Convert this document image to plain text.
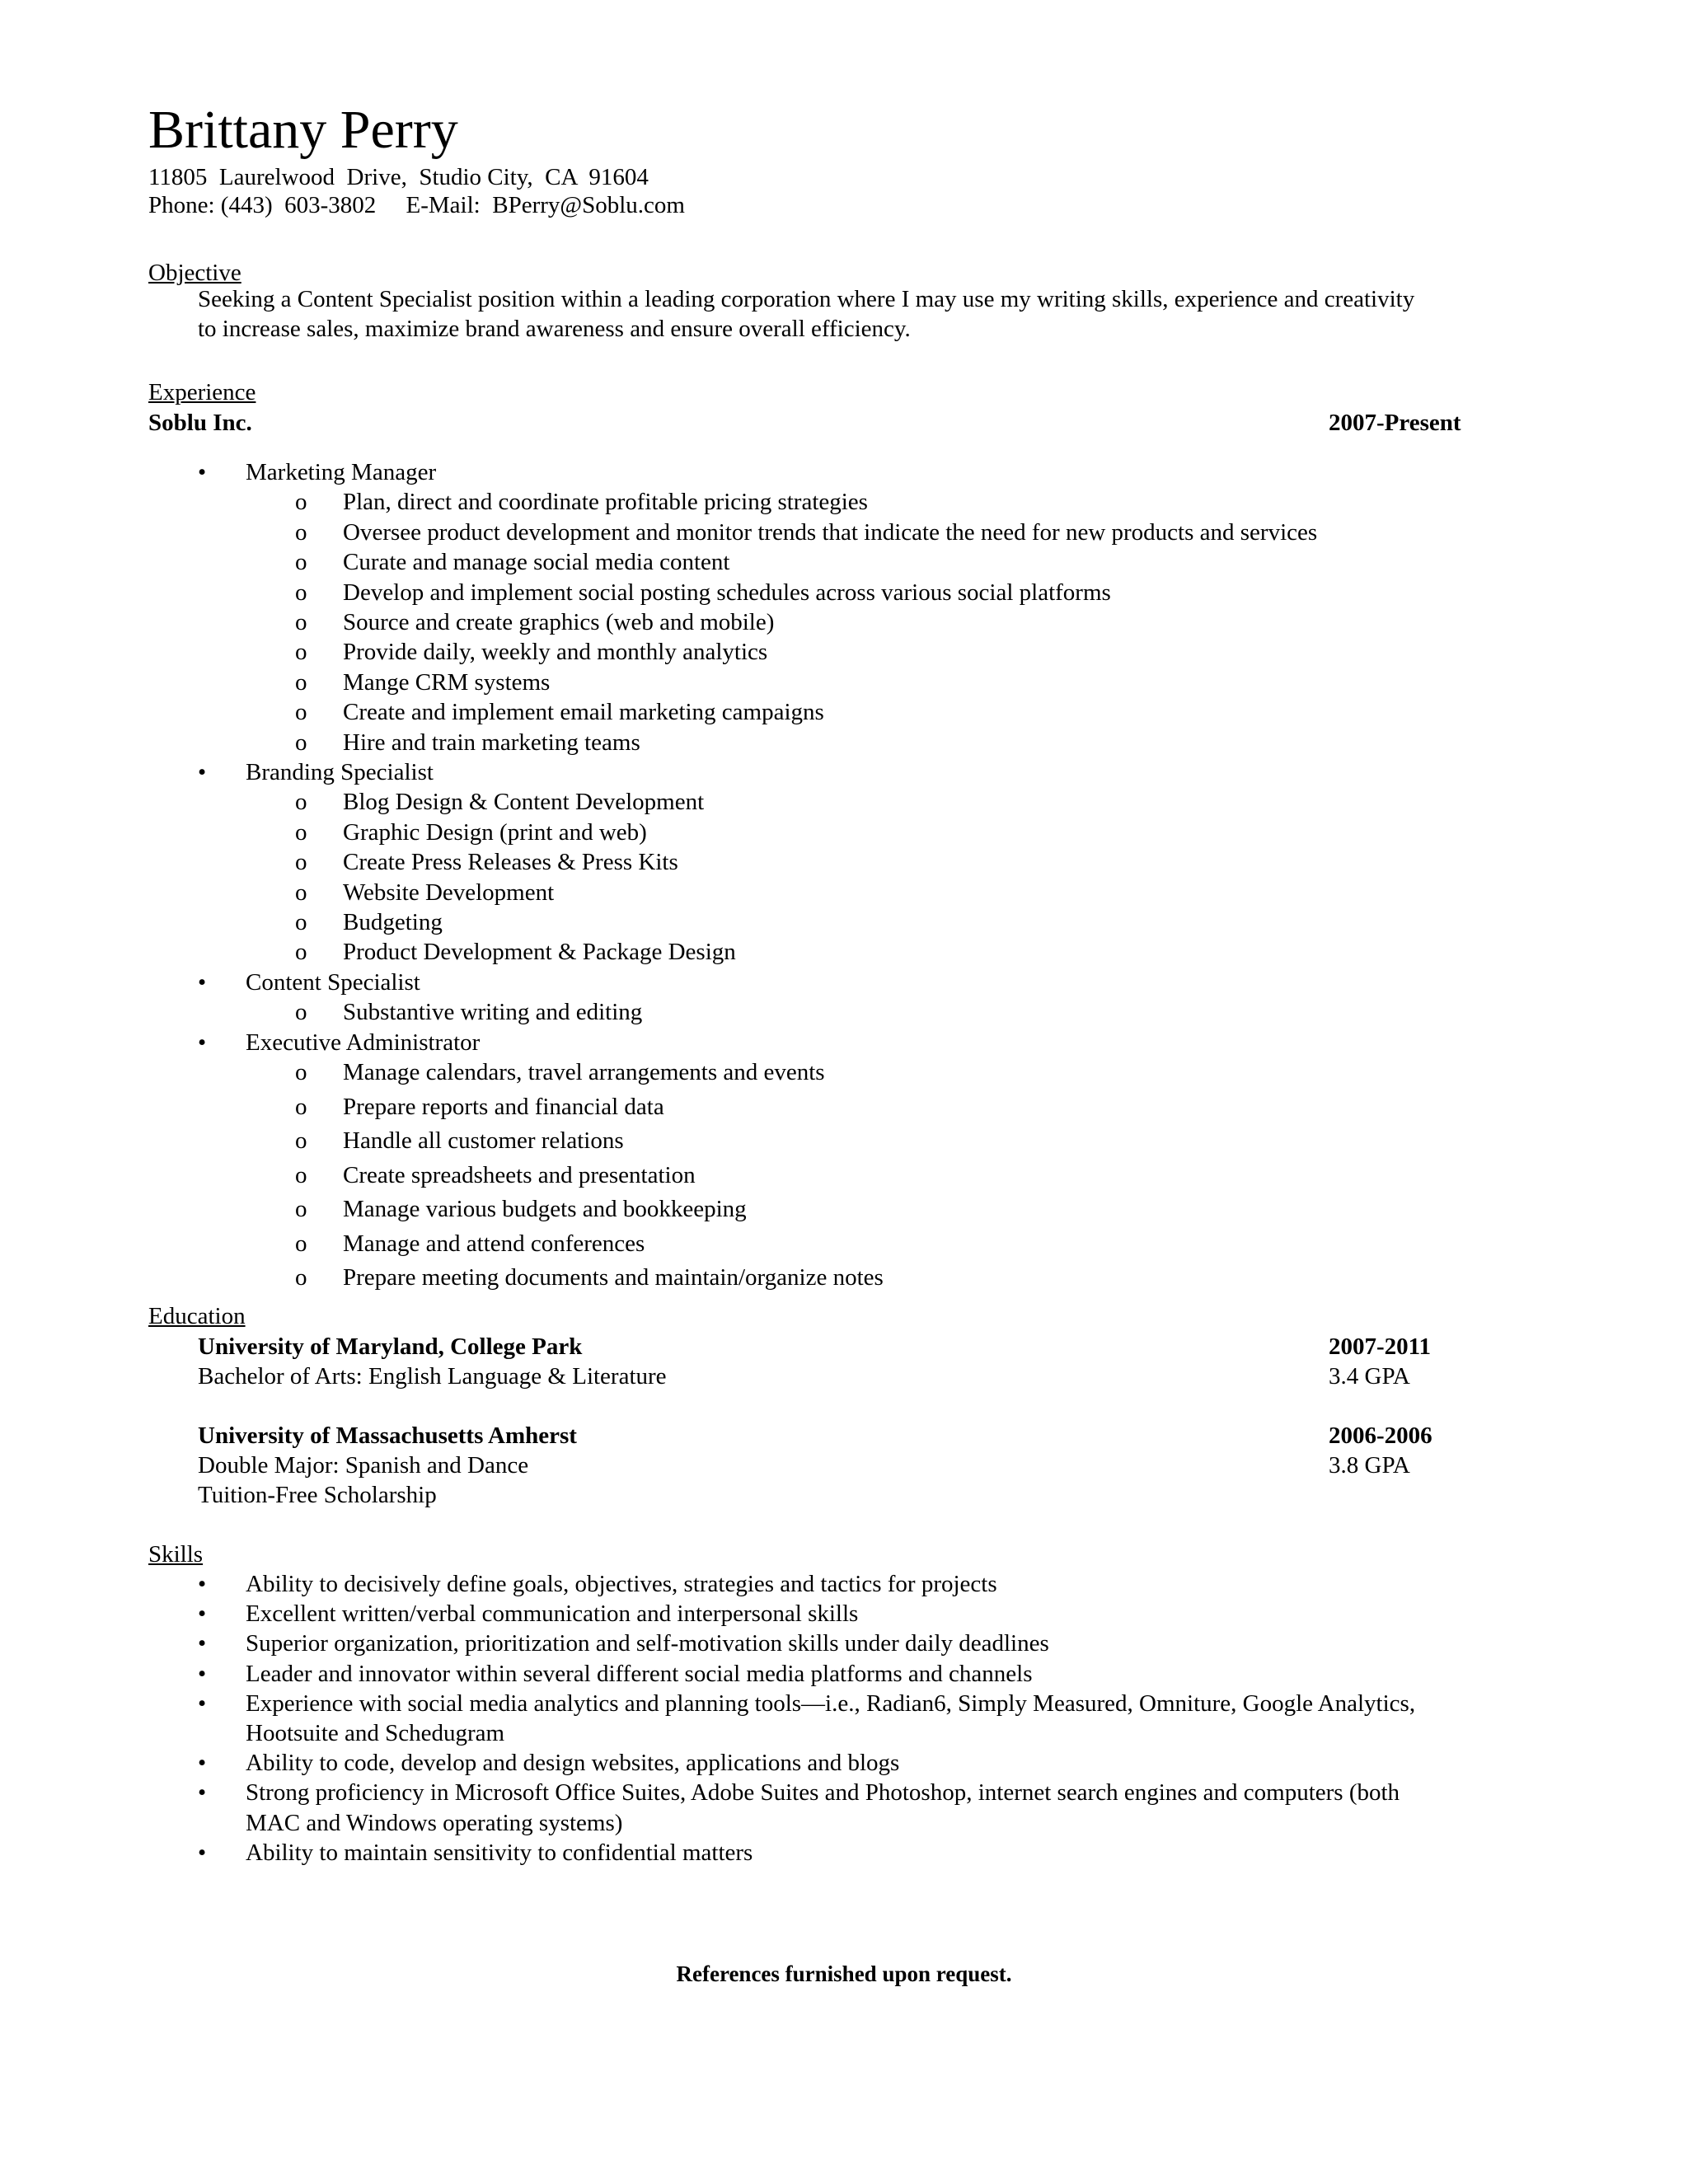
Brittany Perry
11805  Laurelwood  Drive,  Studio City,  CA  91604
Phone: (443)  603-3802     E-Mail:  BPerry@Soblu.com
Objective
Seeking a Content Specialist position within a leading corporation where I may use my writing skills, experience and creativity
to increase sales, maximize brand awareness and ensure overall efficiency.
Experience
Soblu Inc.	2007-Present
• Marketing Manager
o Plan, direct and coordinate profitable pricing strategies
o Oversee product development and monitor trends that indicate the need for new products and services
o Curate and manage social media content
o Develop and implement social posting schedules across various social platforms
o Source and create graphics (web and mobile)
o Provide daily, weekly and monthly analytics
o Mange CRM systems
o Create and implement email marketing campaigns
o Hire and train marketing teams
• Branding Specialist
o Blog Design & Content Development
o Graphic Design (print and web)
o Create Press Releases & Press Kits
o Website Development
o Budgeting
o Product Development & Package Design
• Content Specialist
o Substantive writing and editing
• Executive Administrator
o Manage calendars, travel arrangements and events
o Prepare reports and financial data
o Handle all customer relations
o Create spreadsheets and presentation
o Manage various budgets and bookkeeping
o Manage and attend conferences
o Prepare meeting documents and maintain/organize notes
Education
University of Maryland, College Park	2007-2011
Bachelor of Arts: English Language & Literature	3.4 GPA
University of Massachusetts Amherst	2006-2006
Double Major: Spanish and Dance	3.8 GPA
Tuition-Free Scholarship
Skills
• Ability to decisively define goals, objectives, strategies and tactics for projects
• Excellent written/verbal communication and interpersonal skills
• Superior organization, prioritization and self-motivation skills under daily deadlines
• Leader and innovator within several different social media platforms and channels
• Experience with social media analytics and planning tools—i.e., Radian6, Simply Measured, Omniture, Google Analytics,
Hootsuite and Schedugram
• Ability to code, develop and design websites, applications and blogs
• Strong proficiency in Microsoft Office Suites, Adobe Suites and Photoshop, internet search engines and computers (both
MAC and Windows operating systems)
• Ability to maintain sensitivity to confidential matters
References furnished upon request.
